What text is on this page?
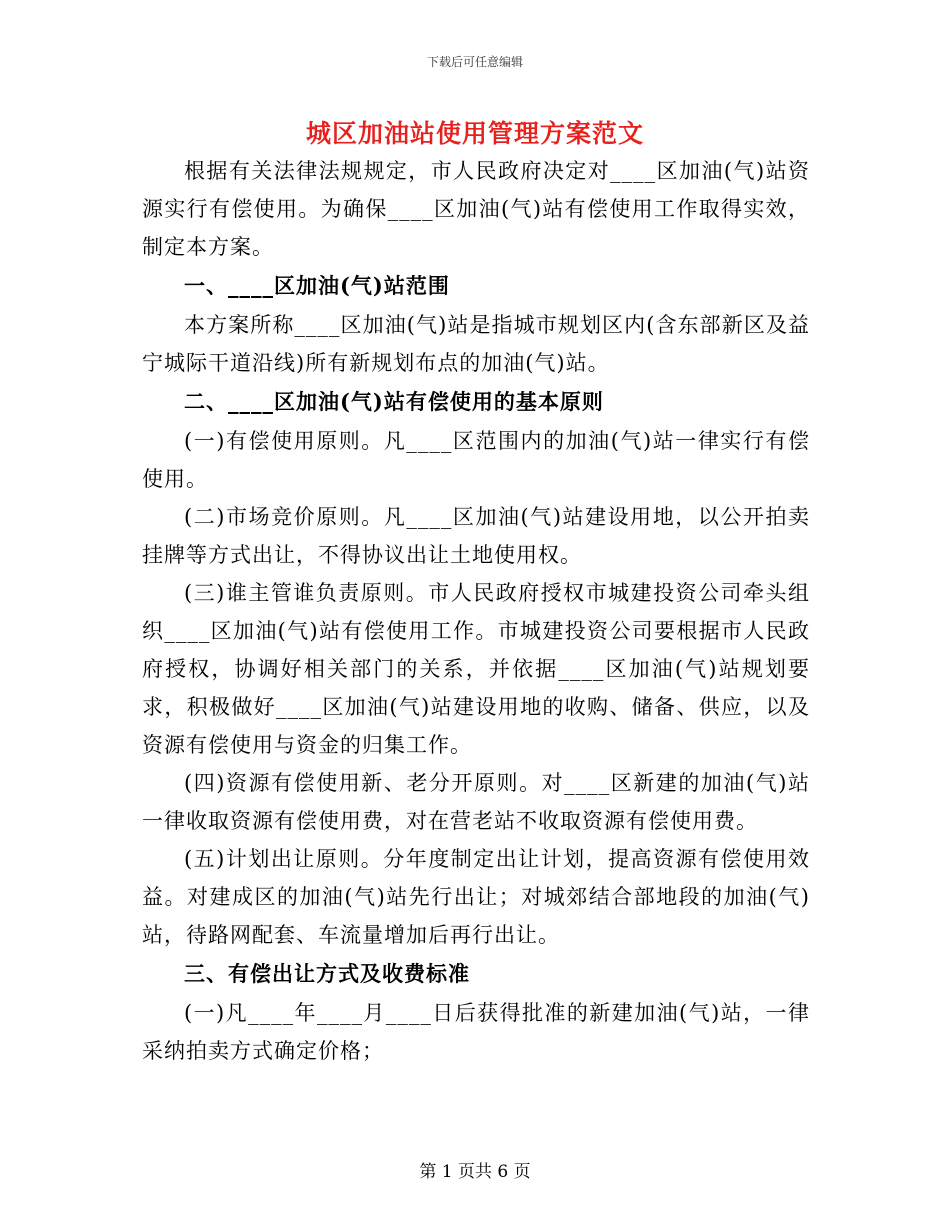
下载后可任意编辑
城区加油站使用管理方案范文

根据有关法律法规规定，市人民政府决定对____区加油(气)站资源实行有偿使用。为确保____区加油(气)站有偿使用工作取得实效，制定本方案。

一、____区加油(气)站范围

本方案所称____区加油(气)站是指城市规划区内(含东部新区及益宁城际干道沿线)所有新规划布点的加油(气)站。

二、____区加油(气)站有偿使用的基本原则

(一)有偿使用原则。凡____区范围内的加油(气)站一律实行有偿使用。

(二)市场竞价原则。凡____区加油(气)站建设用地，以公开拍卖挂牌等方式出让，不得协议出让土地使用权。

(三)谁主管谁负责原则。市人民政府授权市城建投资公司牵头组织____区加油(气)站有偿使用工作。市城建投资公司要根据市人民政府授权，协调好相关部门的关系，并依据____区加油(气)站规划要求，积极做好____区加油(气)站建设用地的收购、储备、供应，以及资源有偿使用与资金的归集工作。

(四)资源有偿使用新、老分开原则。对____区新建的加油(气)站一律收取资源有偿使用费，对在营老站不收取资源有偿使用费。

(五)计划出让原则。分年度制定出让计划，提高资源有偿使用效益。对建成区的加油(气)站先行出让；对城郊结合部地段的加油(气)站，待路网配套、车流量增加后再行出让。

三、有偿出让方式及收费标准

(一)凡____年____月____日后获得批准的新建加油(气)站，一律采纳拍卖方式确定价格；

第 1 页共 6 页
